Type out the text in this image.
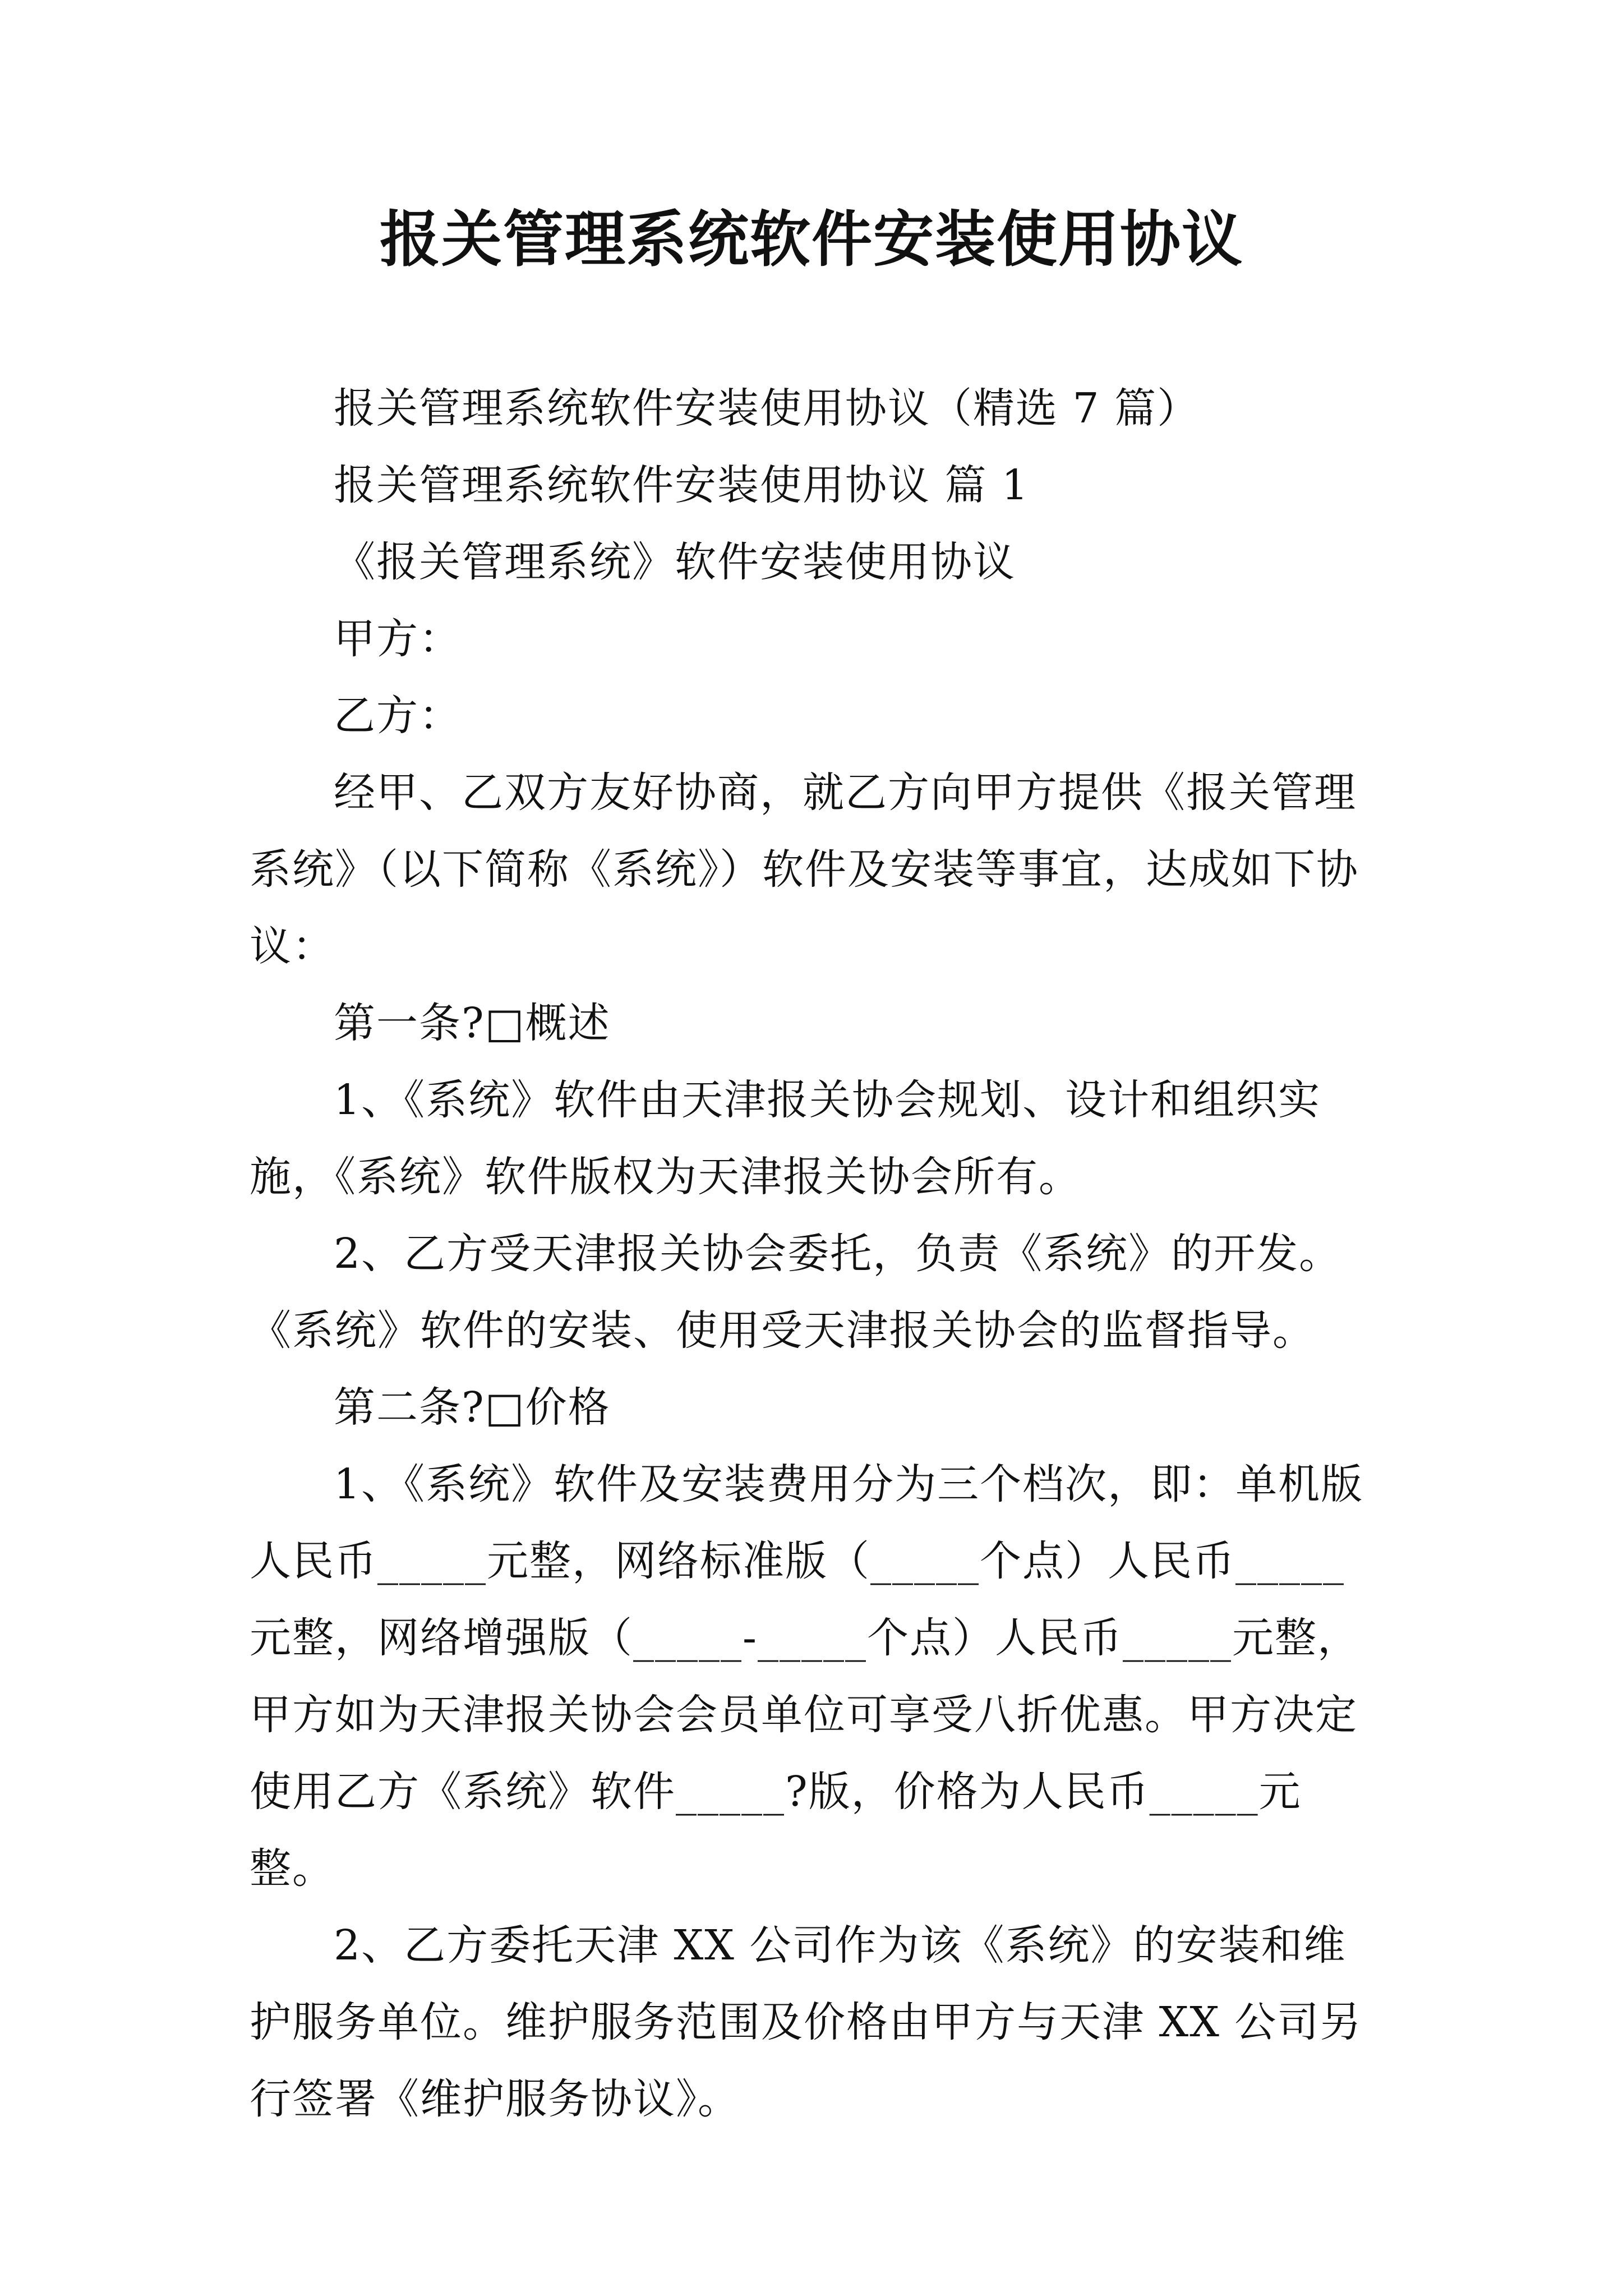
报关管理系统软件安装使用协议

报关管理系统软件安装使用协议（精选 7 篇）

报关管理系统软件安装使用协议 篇 1

《报关管理系统》软件安装使用协议

甲方：

乙方：

经甲、乙双方友好协商，就乙方向甲方提供《报关管理系统》（以下简称《系统》）软件及安装等事宜，达成如下协议：

第一条?□概述

1、《系统》软件由天津报关协会规划、设计和组织实施，《系统》软件版权为天津报关协会所有。

2、乙方受天津报关协会委托，负责《系统》的开发。《系统》软件的安装、使用受天津报关协会的监督指导。

第二条?□价格

1、《系统》软件及安装费用分为三个档次，即：单机版人民币_____元整，网络标准版（_____个点）人民币_____元整，网络增强版（_____-_____个点）人民币_____元整，甲方如为天津报关协会会员单位可享受八折优惠。甲方决定使用乙方《系统》软件_____?版，价格为人民币_____元整。

2、乙方委托天津 XX 公司作为该《系统》的安装和维护服务单位。维护服务范围及价格由甲方与天津 XX 公司另行签署《维护服务协议》。
